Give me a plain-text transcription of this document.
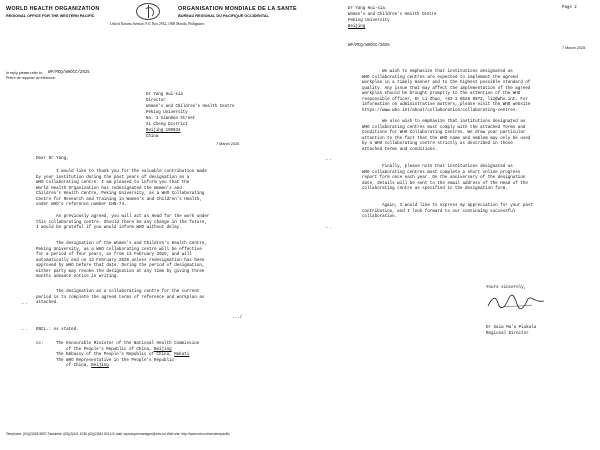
WORLD HEALTH ORGANIZATION
REGIONAL OFFICE FOR THE WESTERN PACIFIC
ORGANISATION MONDIALE DE LA SANTE
BUREAU REGIONAL DU PACIFIQUE OCCIDENTAL
United Nations Avenue, P.O. Box 2932, 1000 Manila, Philippines
In reply please refer to:
Prière de rappeler la référence:
WP/MCQ/WHOCC/2025
Dr Yang Hui-xia
Director
Women's and Children's Health Centre
Peking University
No. 1 Xianmen Street
Xi Cheng District
Beijing 100034
China
7 March 2025
Dear Dr Yang,
I would like to thank you for the valuable contribution made
by your institution during the past years of designation as a
WHO collaborating centre. I am pleased to inform you that the
World Health Organization has redesignated the Women's and
Children's Health Centre, Peking University, as a WHO Collaborating
Centre for Research and Training in Women's and Children's Health,
under WHO's reference number CHN-74.
As previously agreed, you will act as Head for the work under
this collaborating centre. Should there be any change in the future,
I would be grateful if you would inform WHO without delay.
The designation of the Women's and Children's Health Centre,
Peking University, as a WHO collaborating centre will be effective
for a period of four years, as from 13 February 2025, and will
automatically end on 13 February 2029 unless redesignation has been
approved by WHO before that date. During the period of designation,
either party may revoke the designation at any time by giving three
months advance notice in writing.
The designation as a collaborating centre for the current
period is to complete the agreed terms of reference and workplan as
attached.
...
.../
... ENCL.: As stated.
cc:	The Honourable Minister of the National Health Commission
of the People's Republic of China, Beijing
The Embassy of the People's Republic of China, Makati
The WHO Representative in the People's Republic
of China, Beijing
Telephone: (63)(2)528 9897 Facsimile: (63)(2)521 1036 (63)(2)561 8214 E-mail: wprosupermanager@who.int Web site: http://www.who.int/westernpacific
Dr Yang Hui-xia
Women's and Children's Health Centre
Peking University
Beijing
Page 2
WP/MCQ/WHOCC/2025	7 March 2025
We wish to emphasize that institutions designated as
WHO collaborating centres are expected to implement the agreed
workplan in a timely manner and to the highest possible standard of
quality. Any issue that may affect the implementation of the agreed
workplan should be brought promptly to the attention of the WHO
responsible officer, Dr Li Zhao, +63 2 8528 9872, liz@who.int. For
information on administrative matters, please visit the WHO website
https://www.who.int/about/collaboration/collaborating-centres.
We also wish to emphasize that institutions designated as
WHO collaborating centres must comply with the attached Terms and
Conditions for WHO Collaborating Centres. We draw your particular
attention to the fact that the WHO name and emblem may only be used
by a WHO collaborating centre strictly as described in those
attached terms and conditions.
...
Finally, please note that institutions designated as
WHO collaborating centres must complete a short online progress
report form once each year. On the anniversary of the designation
date, details will be sent to the email address of the Head of the
collaborating centre as specified in the designation form.
Again, I would like to express my appreciation for your past
contribution, and I look forward to our continuing successful
collaboration.
...
Yours sincerely,
Dr Saia Ma'u Piukala
Regional Director
